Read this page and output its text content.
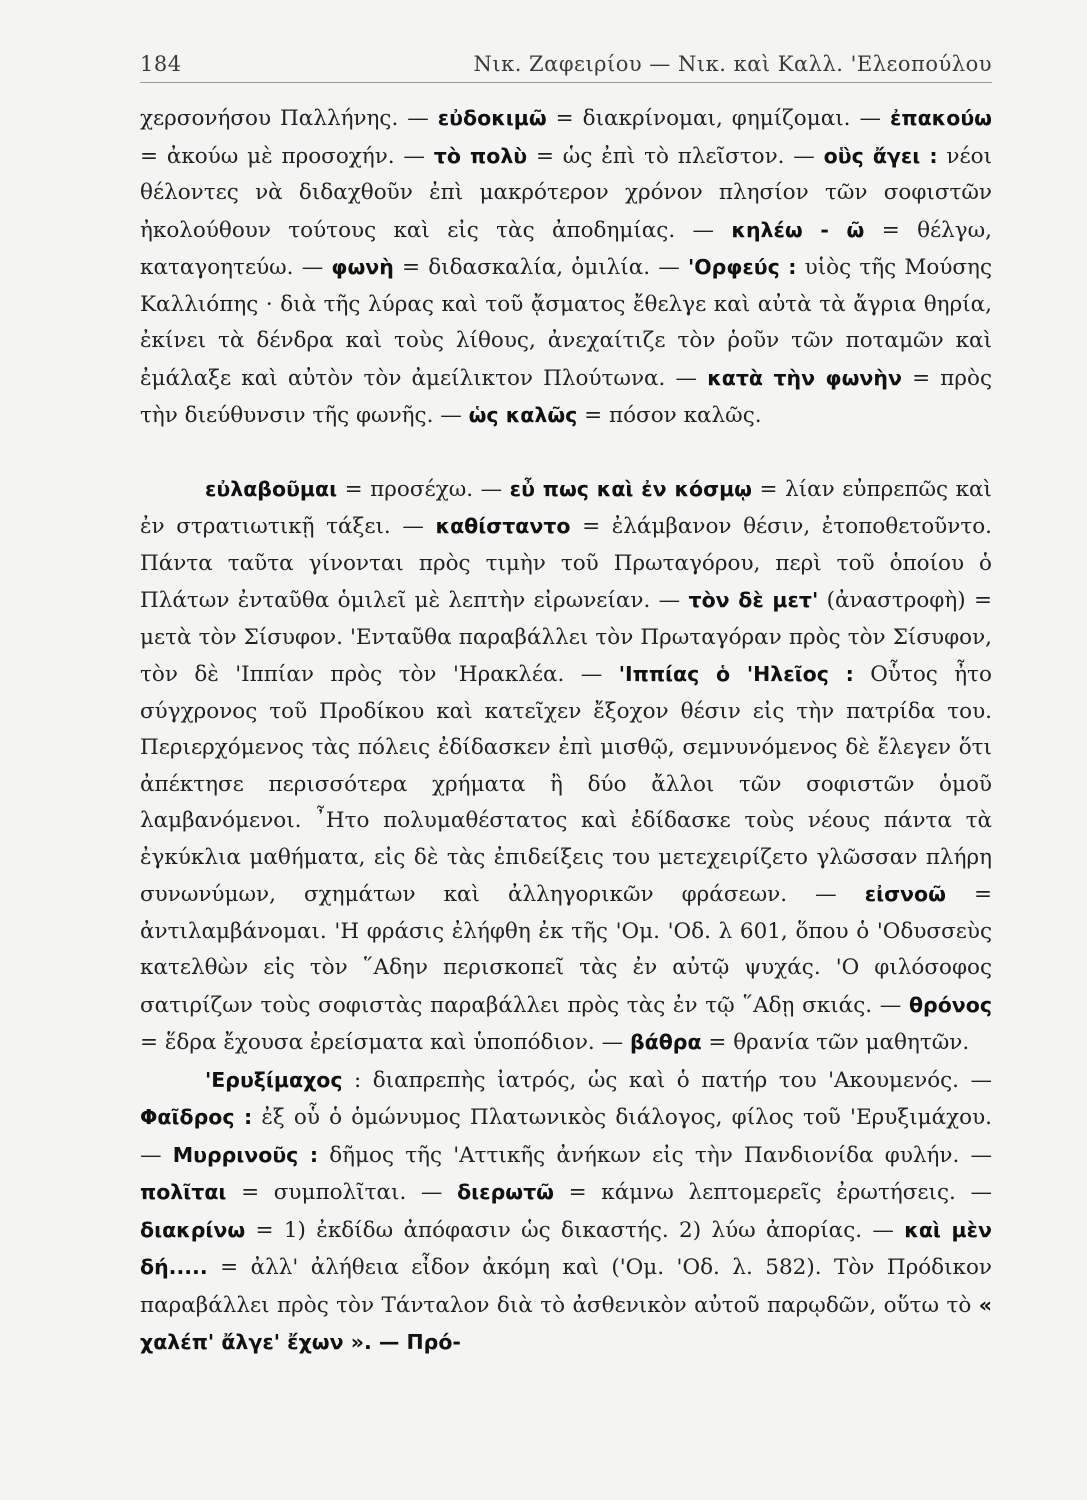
184	Νικ. Ζαφειρίου — Νικ. καὶ Καλλ. 'Ελεοπούλου

χερσονήσου Παλλήνης. — εὐδοκιμῶ = διακρίνομαι, φημίζομαι. — ἐπακούω = ἀκούω μὲ προσοχήν. — τὸ πολὺ = ὡς ἐπὶ τὸ πλεῖστον. — οὓς ἄγει : νέοι θέλοντες νὰ διδαχθοῦν ἐπὶ μακρότερον χρόνον πλησίον τῶν σοφιστῶν ἠκολούθουν τούτους καὶ εἰς τὰς ἀποδημίας. — κηλέω - ῶ = θέλγω, καταγοητεύω. — φωνὴ = διδασκαλία, ὁμιλία. — 'Ορφεύς : υἱὸς τῆς Μούσης Καλλιόπης · διὰ τῆς λύρας καὶ τοῦ ᾄσματος ἔθελγε καὶ αὐτὰ τὰ ἄγρια θηρία, ἐκίνει τὰ δένδρα καὶ τοὺς λίθους, ἀνεχαίτιζε τὸν ῥοῦν τῶν ποταμῶν καὶ ἐμάλαξε καὶ αὐτὸν τὸν ἀμείλικτον Πλούτωνα. — κατὰ τὴν φωνὴν = πρὸς τὴν διεύθυνσιν τῆς φωνῆς. — ὡς καλῶς = πόσον καλῶς.

εὐλαβοῦμαι = προσέχω. — εὖ πως καὶ ἐν κόσμῳ = λίαν εὐπρεπῶς καὶ ἐν στρατιωτικῇ τάξει. — καθίσταντο = ἐλάμβανον θέσιν, ἐτοποθετοῦντο. Πάντα ταῦτα γίνονται πρὸς τιμὴν τοῦ Πρωταγόρου, περὶ τοῦ ὁποίου ὁ Πλάτων ἐνταῦθα ὁμιλεῖ μὲ λεπτὴν εἰρωνείαν. — τὸν δὲ μετ' (ἀναστροφὴ) = μετὰ τὸν Σίσυφον. 'Ενταῦθα παραβάλλει τὸν Πρωταγόραν πρὸς τὸν Σίσυφον, τὸν δὲ 'Ιππίαν πρὸς τὸν 'Ηρακλέα. — 'Ιππίας ὁ 'Ηλεῖος : Οὗτος ἦτο σύγχρονος τοῦ Προδίκου καὶ κατεῖχεν ἔξοχον θέσιν εἰς τὴν πατρίδα του. Περιερχόμενος τὰς πόλεις ἐδίδασκεν ἐπὶ μισθῷ, σεμνυνόμενος δὲ ἔλεγεν ὅτι ἀπέκτησε περισσότερα χρήματα ἢ δύο ἄλλοι τῶν σοφιστῶν ὁμοῦ λαμβανόμενοι. ῏Ητο πολυμαθέστατος καὶ ἐδίδασκε τοὺς νέους πάντα τὰ ἐγκύκλια μαθήματα, εἰς δὲ τὰς ἐπιδείξεις του μετεχειρίζετο γλῶσσαν πλήρη συνωνύμων, σχημάτων καὶ ἀλληγορικῶν φράσεων. — εἰσνοῶ = ἀντιλαμβάνομαι. 'Η φράσις ἐλήφθη ἐκ τῆς 'Ομ. 'Οδ. λ 601, ὅπου ὁ 'Οδυσσεὺς κατελθὼν εἰς τὸν ῞Αδην περισκοπεῖ τὰς ἐν αὐτῷ ψυχάς. 'Ο φιλόσοφος σατιρίζων τοὺς σοφιστὰς παραβάλλει πρὸς τὰς ἐν τῷ ῞Αδῃ σκιάς. — θρόνος = ἕδρα ἔχουσα ἐρείσματα καὶ ὑποπόδιον. — βάθρα = θρανία τῶν μαθητῶν.

'Ερυξίμαχος : διαπρεπὴς ἰατρός, ὡς καὶ ὁ πατήρ του 'Ακουμενός. — Φαῖδρος : ἐξ οὗ ὁ ὁμώνυμος Πλατωνικὸς διάλογος, φίλος τοῦ 'Ερυξιμάχου. — Μυρρινοῦς : δῆμος τῆς 'Αττικῆς ἀνήκων εἰς τὴν Πανδιονίδα φυλήν. — πολῖται = συμπολῖται. — διερωτῶ = κάμνω λεπτομερεῖς ἐρωτήσεις. — διακρίνω = 1) ἐκδίδω ἀπόφασιν ὡς δικαστής. 2) λύω ἀπορίας. — καὶ μὲν δή..... = ἀλλ' ἀλήθεια εἶδον ἀκόμη καὶ ('Ομ. 'Οδ. λ. 582). Τὸν Πρόδικον παραβάλλει πρὸς τὸν Τάνταλον διὰ τὸ ἀσθενικὸν αὐτοῦ παρῳδῶν, οὕτω τὸ « χαλέπ' ἄλγε' ἔχων ». — Πρό-
